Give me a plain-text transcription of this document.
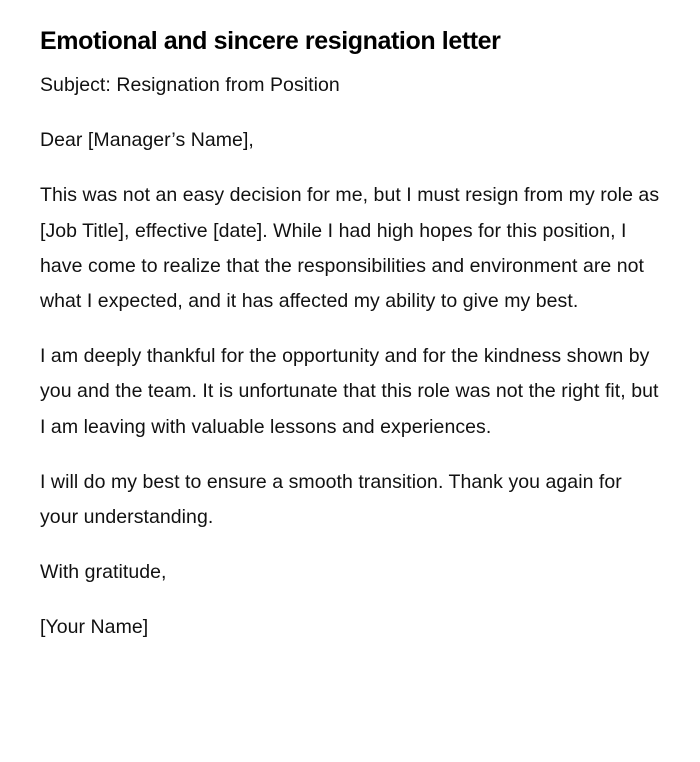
Emotional and sincere resignation letter

Subject: Resignation from Position

Dear [Manager’s Name],

This was not an easy decision for me, but I must resign from my role as [Job Title], effective [date]. While I had high hopes for this position, I have come to realize that the responsibilities and environment are not what I expected, and it has affected my ability to give my best.

I am deeply thankful for the opportunity and for the kindness shown by you and the team. It is unfortunate that this role was not the right fit, but I am leaving with valuable lessons and experiences.

I will do my best to ensure a smooth transition. Thank you again for your understanding.

With gratitude,

[Your Name]
